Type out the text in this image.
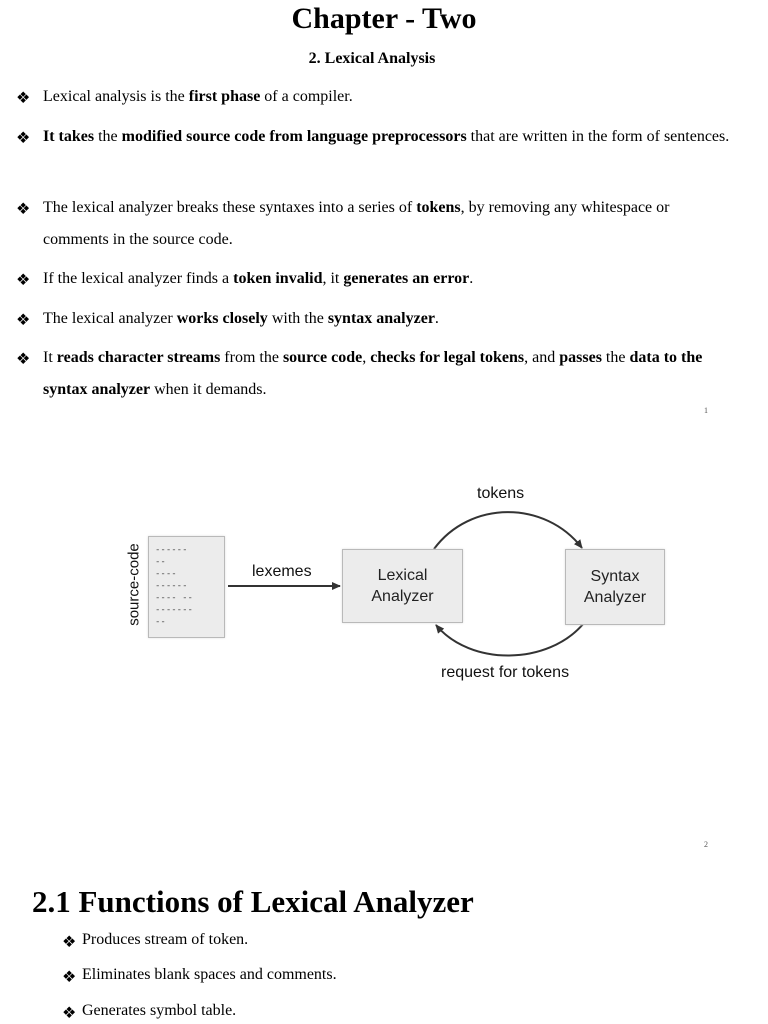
Chapter - Two
2. Lexical Analysis
❖ Lexical analysis is the first phase of a compiler.
❖ It takes the modified source code from language preprocessors that are written in the form of sentences.
❖ The lexical analyzer breaks these syntaxes into a series of tokens, by removing any whitespace or comments in the source code.
❖ If the lexical analyzer finds a token invalid, it generates an error.
❖ The lexical analyzer works closely with the syntax analyzer.
❖ It reads character streams from the source code, checks for legal tokens, and passes the data to the syntax analyzer when it demands.
1
source-code ------
--
----
------
---- --
-------
--
lexemes	Lexical
Analyzer
Syntax
Analyzer
tokens
request for tokens
2
2.1 Functions of Lexical Analyzer
❖ Produces stream of token.
❖ Eliminates blank spaces and comments.
❖ Generates symbol table.
